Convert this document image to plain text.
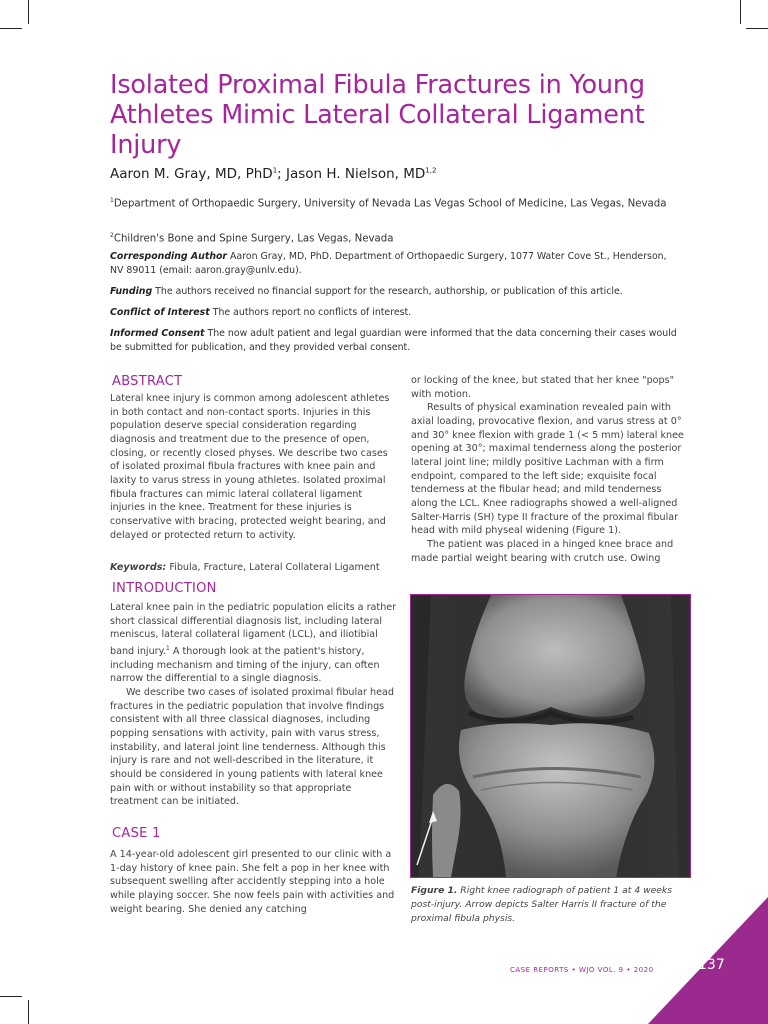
Isolated Proximal Fibula Fractures in Young Athletes Mimic Lateral Collateral Ligament Injury
Aaron M. Gray, MD, PhD$^1$; Jason H. Nielson, MD$^{1,2}$
$^1$Department of Orthopaedic Surgery, University of Nevada Las Vegas School of Medicine, Las Vegas, Nevada
$^2$Children's Bone and Spine Surgery, Las Vegas, Nevada
Corresponding Author Aaron Gray, MD, PhD. Department of Orthopaedic Surgery, 1077 Water Cove St., Henderson, NV 89011 (email: aaron.gray@unlv.edu).
Funding The authors received no financial support for the research, authorship, or publication of this article.
Conflict of Interest The authors report no conflicts of interest.
Informed Consent The now adult patient and legal guardian were informed that the data concerning their cases would be submitted for publication, and they provided verbal consent.
ABSTRACT

Lateral knee injury is common among adolescent athletes in both contact and non-contact sports. Injuries in this population deserve special consideration regarding diagnosis and treatment due to the presence of open, closing, or recently closed physes. We describe two cases of isolated proximal fibula fractures with knee pain and laxity to varus stress in young athletes. Isolated proximal fibula fractures can mimic lateral collateral ligament injuries in the knee. Treatment for these injuries is conservative with bracing, protected weight bearing, and delayed or protected return to activity.

Keywords: Fibula, Fracture, Lateral Collateral Ligament
INTRODUCTION

Lateral knee pain in the pediatric population elicits a rather short classical differential diagnosis list, including lateral meniscus, lateral collateral ligament (LCL), and iliotibial band injury.$^1$ A thorough look at the patient's history, including mechanism and timing of the injury, can often narrow the differential to a single diagnosis.

We describe two cases of isolated proximal fibular head fractures in the pediatric population that involve findings consistent with all three classical diagnoses, including popping sensations with activity, pain with varus stress, instability, and lateral joint line tenderness. Although this injury is rare and not well-described in the literature, it should be considered in young patients with lateral knee pain with or without instability so that appropriate treatment can be initiated.

CASE 1

A 14-year-old adolescent girl presented to our clinic with a 1-day history of knee pain. She felt a pop in her knee with subsequent swelling after accidently stepping into a hole while playing soccer. She now feels pain with activities and weight bearing. She denied any catching

or locking of the knee, but stated that her knee "pops" with motion.

Results of physical examination revealed pain with axial loading, provocative flexion, and varus stress at 0° and 30° knee flexion with grade 1 (< 5 mm) lateral knee opening at 30°; maximal tenderness along the posterior lateral joint line; mildly positive Lachman with a firm endpoint, compared to the left side; exquisite focal tenderness at the fibular head; and mild tenderness along the LCL. Knee radiographs showed a well-aligned Salter-Harris (SH) type II fracture of the proximal fibular head with mild physeal widening (Figure 1).

The patient was placed in a hinged knee brace and made partial weight bearing with crutch use. Owing

Figure 1. Right knee radiograph of patient 1 at 4 weeks post-injury. Arrow depicts Salter Harris II fracture of the proximal fibula physis.
CASE REPORTS • WJO VOL. 9 • 2020	137
